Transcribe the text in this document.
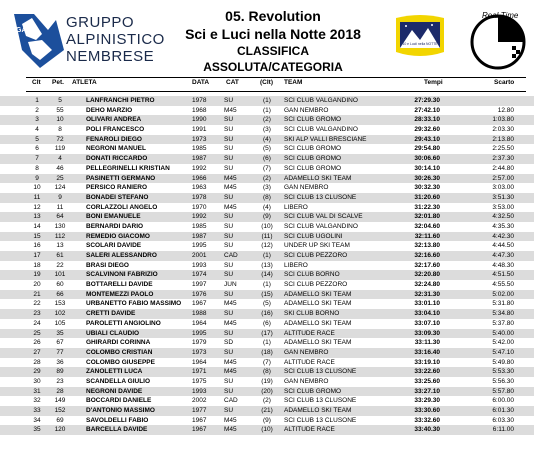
GAN GRUPPO
ALPINISTICO
NEMBRESE
05. Revolution
Sci e Luci nella Notte 2018
CLASSIFICA ASSOLUTA/CATEGORIA
10 e Lucii nella NOTTE
Real Time
Clt Pet. ATLETA	DATA	CAT	(Clt) TEAM	Tempi	Scarto
1	5	LANFRANCHI PIETRO	1978	SU	(1)	SCI CLUB VALGANDINO	27:29.30
2	55	DEHO MARZIO	1968	M45	(1)	GAN NEMBRO	27:42.10	12.80
3	10	OLIVARI ANDREA	1990	SU	(2)	SCI CLUB GROMO	28:33.10	1:03.80
4	8	POLI FRANCESCO	1991	SU	(3)	SCI CLUB VALGANDINO	29:32.60	2:03.30
5	72	FENAROLI DIEGO	1973	SU	(4)	SKI ALP VALLI BRESCIANE	29:43.10	2:13.80
6	119	NEGRONI MANUEL	1985	SU	(5)	SCI CLUB GROMO	29:54.80	2:25.50
7	4	DONATI RICCARDO	1987	SU	(6)	SCI CLUB GROMO	30:06.60	2:37.30
8	46	PELLEGRINELLI KRISTIAN	1992	SU	(7)	SCI CLUB GROMO	30:14.10	2:44.80
9	25	PASINETTI GERMANO	1966	M45	(2)	ADAMELLO SKI TEAM	30:26.30	2:57.00
10	124	PERSICO RANIERO	1963	M45	(3)	GAN NEMBRO	30:32.30	3:03.00
11	9	BONADEI STEFANO	1978	SU	(8)	SCI CLUB 13 CLUSONE	31:20.60	3:51.30
12	11	CORLAZZOLI ANGELO	1970	M45	(4)	LIBERO	31:22.30	3:53.00
13	64	BONI EMANUELE	1992	SU	(9)	SCI CLUB VAL DI SCALVE	32:01.80	4:32.50
14	130	BERNARDI DARIO	1985	SU	(10)	SCI CLUB VALGANDINO	32:04.60	4:35.30
15	112	REMEDIO GIACOMO	1987	SU	(11)	SCI CLUB UGOLINI	32:11.60	4:42.30
16	13	SCOLARI DAVIDE	1995	SU	(12)	UNDER UP SKI TEAM	32:13.80	4:44.50
17	61	SALERI ALESSANDRO	2001	CAD	(1)	SCI CLUB PEZZORO	32:16.60	4:47.30
18	22	BRASI DIEGO	1993	SU	(13)	LIBERO	32:17.60	4:48.30
19	101	SCALVINONI FABRIZIO	1974	SU	(14)	SCI CLUB BORNO	32:20.80	4:51.50
20	60	BOTTARELLI DAVIDE	1997	JUN	(1)	SCI CLUB PEZZORO	32:24.80	4:55.50
21	66	MONTEMEZZI PAOLO	1976	SU	(15)	ADAMELLO SKI TEAM	32:31.30	5:02.00
22	153	URBANETTO FABIO MASSIMO 1967	M45	(5)	ADAMELLO SKI TEAM	33:01.10	5:31.80
23	102	CRETTI DAVIDE	1988	SU	(16)	SKI CLUB BORNO	33:04.10	5:34.80
24	105	PAROLETTI ANGIOLINO	1964	M45	(6)	ADAMELLO SKI TEAM	33:07.10	5:37.80
25	35	UBIALI CLAUDIO	1995	SU	(17)	ALTITUDE RACE	33:09.30	5:40.00
26	67	GHIRARDI CORINNA	1979	SD	(1)	ADAMELLO SKI TEAM	33:11.30	5:42.00
27	77	COLOMBO CRISTIAN	1973	SU	(18)	GAN NEMBRO	33:16.40	5:47.10
28	36	COLOMBO GIUSEPPE	1964	M45	(7)	ALTITUDE RACE	33:19.10	5:49.80
29	89	ZANOLETTI LUCA	1971	M45	(8)	SCI CLUB 13 CLUSONE	33:22.60	5:53.30
30	23	SCANDELLA GIULIO	1975	SU	(19)	GAN NEMBRO	33:25.60	5:56.30
31	28	NEGRONI DAVIDE	1993	SU	(20)	SCI CLUB GROMO	33:27.10	5:57.80
32	149	BOCCARDI DANIELE	2002	CAD	(2)	SCI CLUB 13 CLUSONE	33:29.30	6:00.00
33	152	D'ANTONIO MASSIMO	1977	SU	(21)	ADAMELLO SKI TEAM	33:30.60	6:01.30
34	69	SAVOLDELLI FABIO	1967	M45	(9)	SCI CLUB 13 CLUSONE	33:32.60	6:03.30
35	120	BARCELLA DAVIDE	1967	M45	(10)	ALTITUDE RACE	33:40.30	6:11.00
